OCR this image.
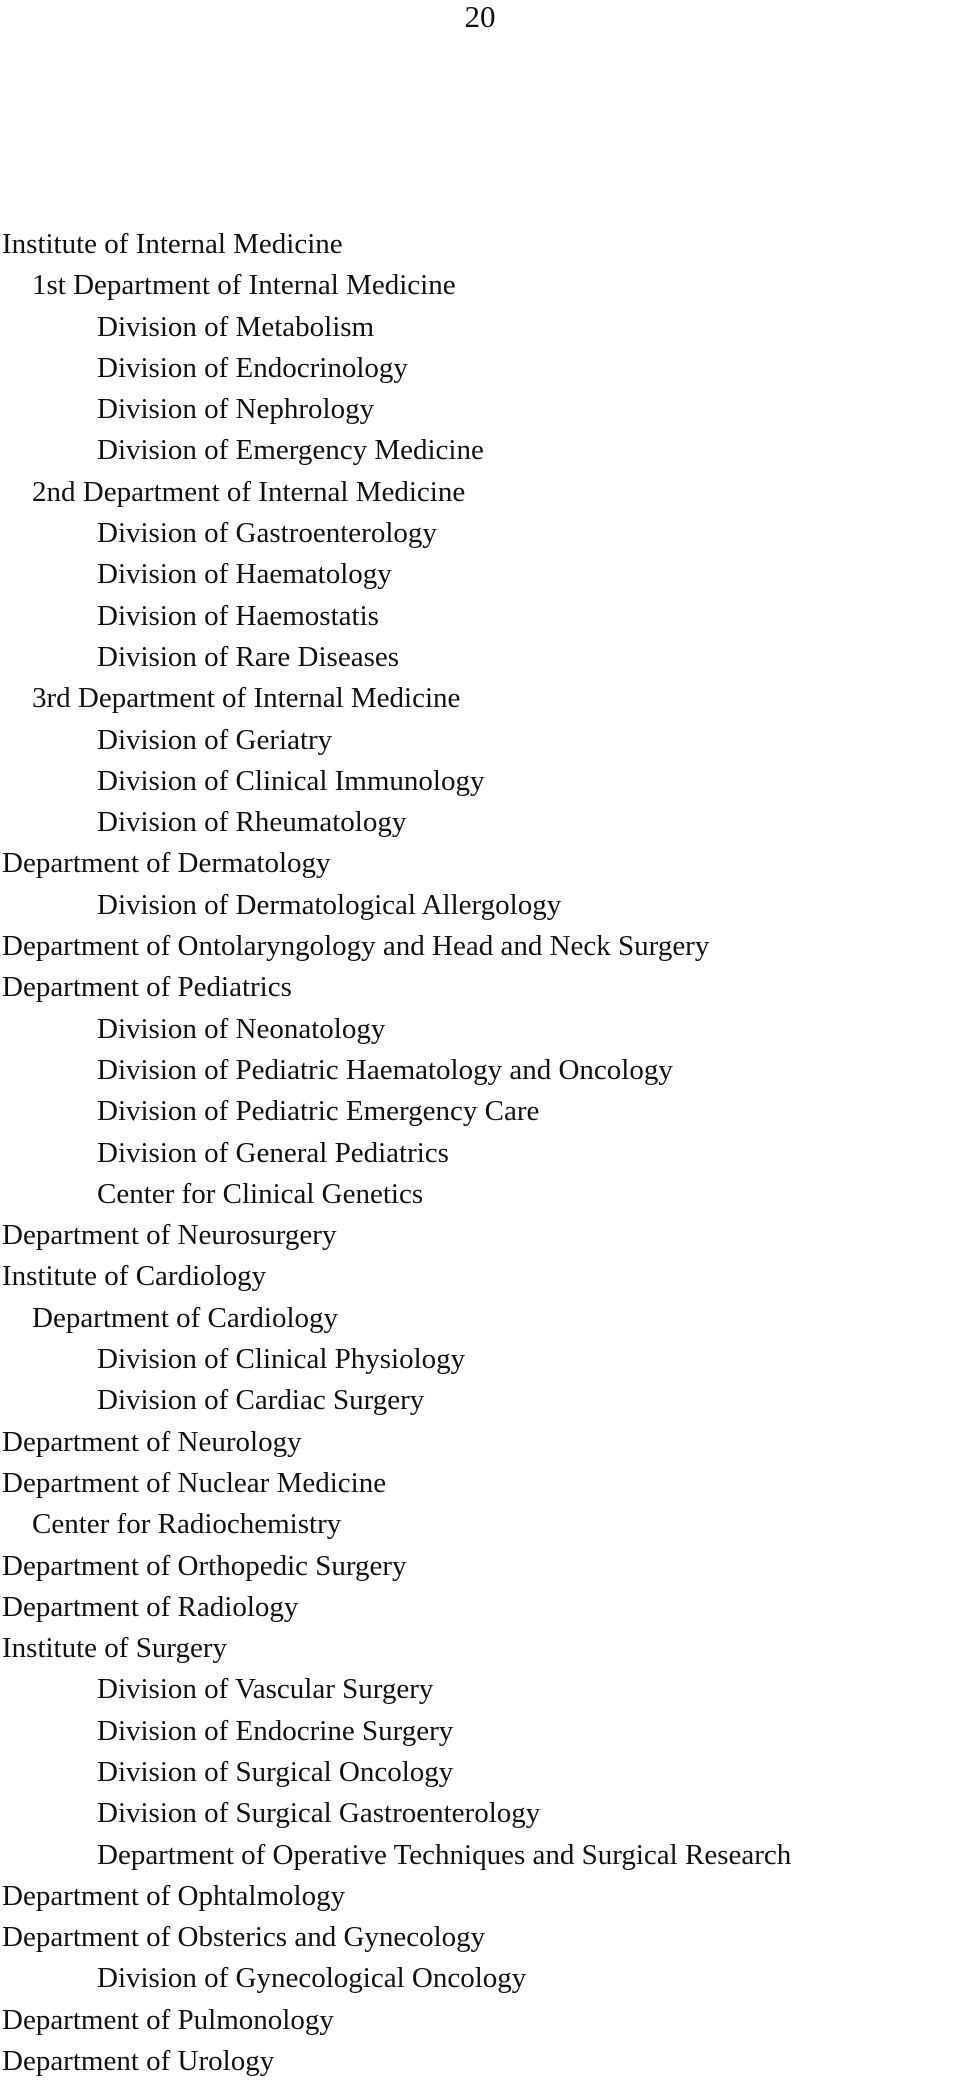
20
Institute of Internal Medicine
1st Department of Internal Medicine
Division of Metabolism
Division of Endocrinology
Division of Nephrology
Division of Emergency Medicine
2nd Department of Internal Medicine
Division of Gastroenterology
Division of Haematology
Division of Haemostatis
Division of Rare Diseases
3rd Department of Internal Medicine
Division of Geriatry
Division of Clinical Immunology
Division of Rheumatology
Department of Dermatology
Division of Dermatological Allergology
Department of Ontolaryngology and Head and Neck Surgery
Department of Pediatrics
Division of Neonatology
Division of Pediatric Haematology and Oncology
Division of Pediatric Emergency Care
Division of General Pediatrics
Center for Clinical Genetics
Department of Neurosurgery
Institute of Cardiology
Department of Cardiology
Division of Clinical Physiology
Division of Cardiac Surgery
Department of Neurology
Department of Nuclear Medicine
Center for Radiochemistry
Department of Orthopedic Surgery
Department of Radiology
Institute of Surgery
Division of Vascular Surgery
Division of Endocrine Surgery
Division of Surgical Oncology
Division of Surgical Gastroenterology
Department of Operative Techniques and Surgical Research
Department of Ophtalmology
Department of Obsterics and Gynecology
Division of Gynecological Oncology
Department of Pulmonology
Department of Urology
